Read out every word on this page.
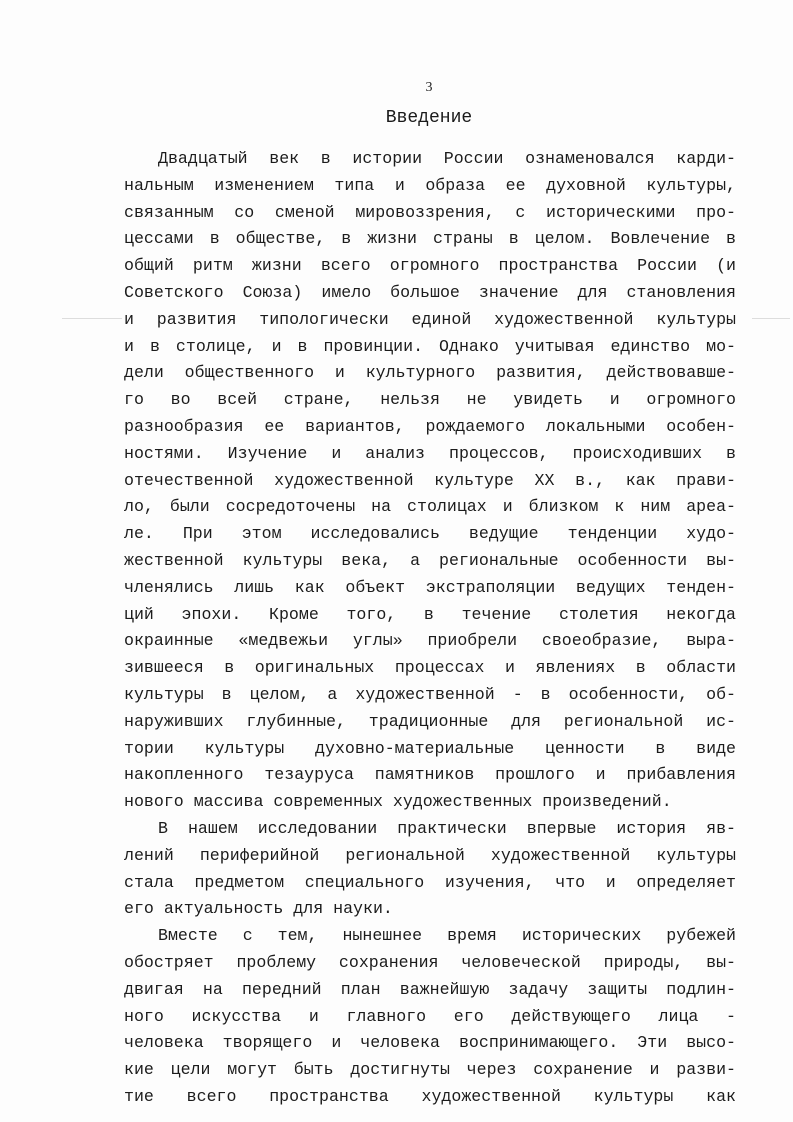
3
Введение
Двадцатый век в истории России ознаменовался карди-
нальным изменением типа и образа ее духовной культуры,
связанным со сменой мировоззрения, с историческими про-
цессами в обществе, в жизни страны в целом. Вовлечение в
общий ритм жизни всего огромного пространства России (и
Советского Союза) имело большое значение для становления
и развития типологически единой художественной культуры
и в столице, и в провинции. Однако учитывая единство мо-
дели общественного и культурного развития, действовавше-
го во всей стране, нельзя не увидеть и огромного
разнообразия ее вариантов, рождаемого локальными особен-
ностями. Изучение и анализ процессов, происходивших в
отечественной художественной культуре XX в., как прави-
ло, были сосредоточены на столицах и близком к ним ареа-
ле. При этом исследовались ведущие тенденции худо-
жественной культуры века, а региональные особенности вы-
членялись лишь как объект экстраполяции ведущих тенден-
ций эпохи. Кроме того, в течение столетия некогда
окраинные «медвежьи углы» приобрели своеобразие, выра-
зившееся в оригинальных процессах и явлениях в области
культуры в целом, а художественной - в особенности, об-
наруживших глубинные, традиционные для региональной ис-
тории культуры духовно-материальные ценности в виде
накопленного тезауруса памятников прошлого и прибавления
нового массива современных художественных произведений.
В нашем исследовании практически впервые история яв-
лений периферийной региональной художественной культуры
стала предметом специального изучения, что и определяет
его актуальность для науки.
Вместе с тем, нынешнее время исторических рубежей
обостряет проблему сохранения человеческой природы, вы-
двигая на передний план важнейшую задачу защиты подлин-
ного искусства и главного его действующего лица -
человека творящего и человека воспринимающего. Эти высо-
кие цели могут быть достигнуты через сохранение и разви-
тие всего пространства художественной культуры как
